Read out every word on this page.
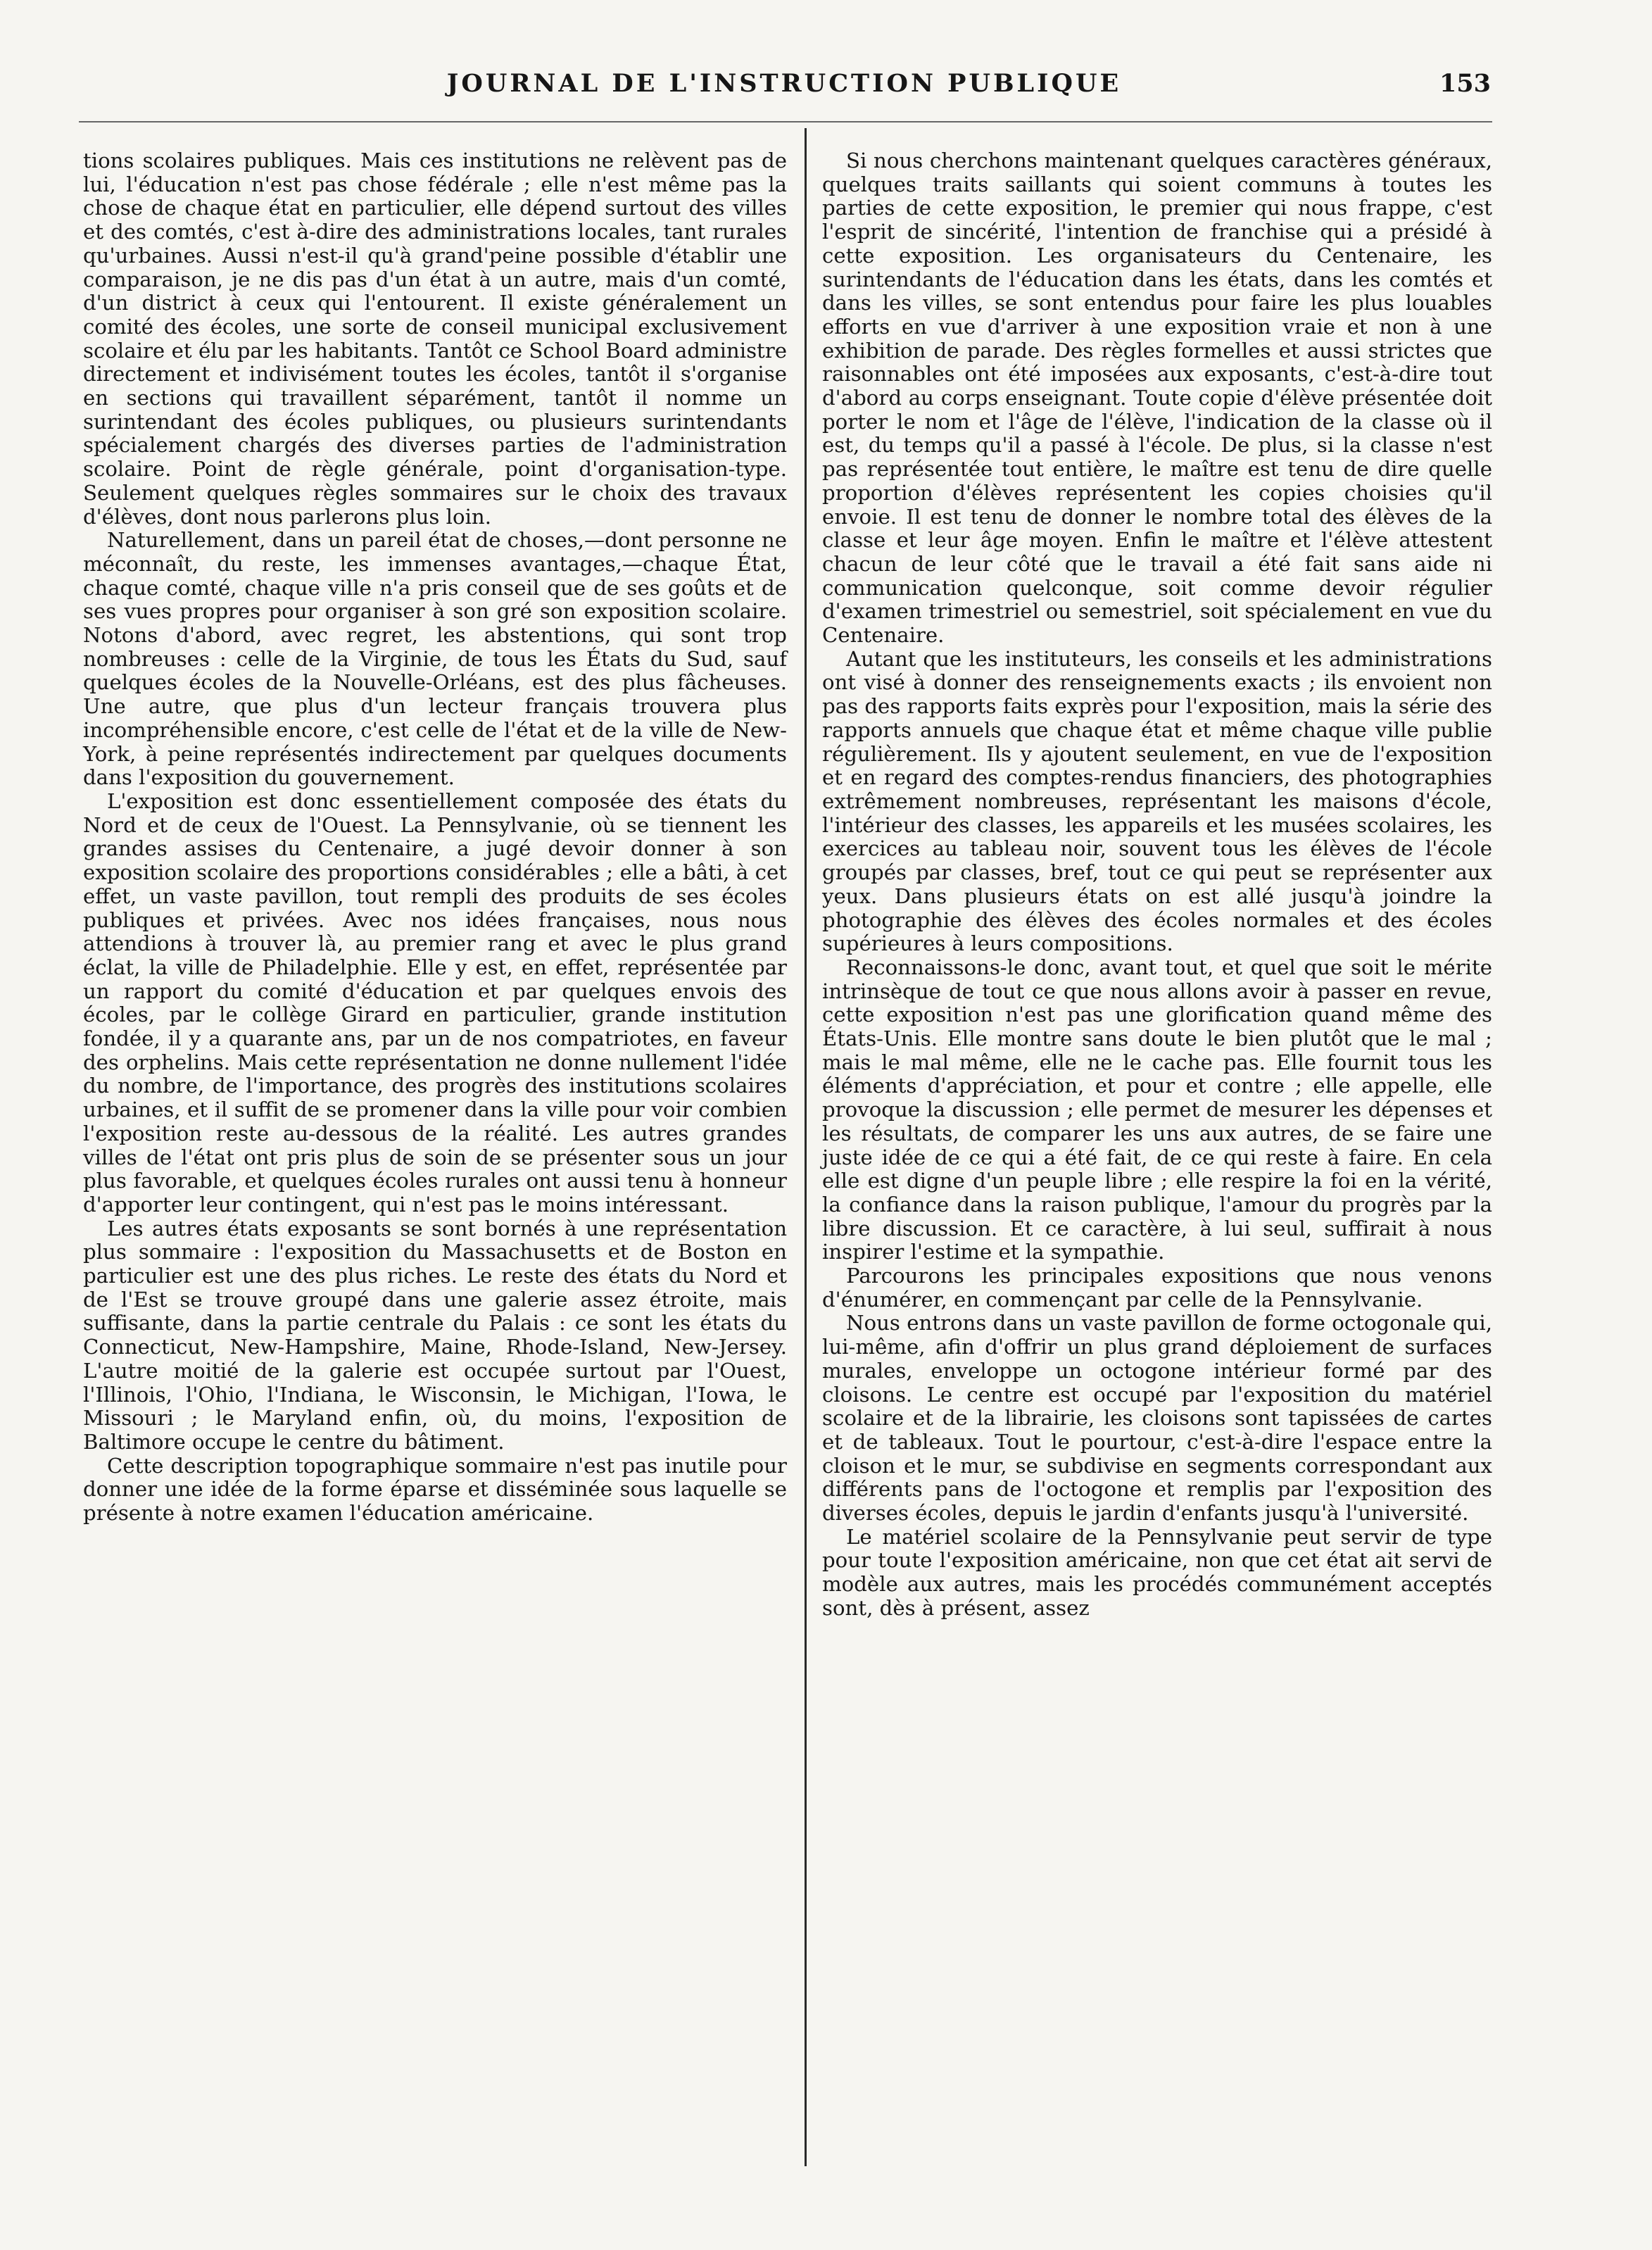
JOURNAL DE L'INSTRUCTION PUBLIQUE	153

tions scolaires publiques. Mais ces institutions ne relèvent pas de lui, l'éducation n'est pas chose fédérale ; elle n'est même pas la chose de chaque état en particulier, elle dépend surtout des villes et des comtés, c'est à-dire des administrations locales, tant rurales qu'urbaines. Aussi n'est-il qu'à grand'peine possible d'établir une comparaison, je ne dis pas d'un état à un autre, mais d'un comté, d'un district à ceux qui l'entourent. Il existe généralement un comité des écoles, une sorte de conseil municipal exclusivement scolaire et élu par les habitants. Tantôt ce School Board administre directement et indivisément toutes les écoles, tantôt il s'organise en sections qui travaillent séparément, tantôt il nomme un surintendant des écoles publiques, ou plusieurs surintendants spécialement chargés des diverses parties de l'administration scolaire. Point de règle générale, point d'organisation-type. Seulement quelques règles sommaires sur le choix des travaux d'élèves, dont nous parlerons plus loin.

Naturellement, dans un pareil état de choses,—dont personne ne méconnaît, du reste, les immenses avantages,—chaque État, chaque comté, chaque ville n'a pris conseil que de ses goûts et de ses vues propres pour organiser à son gré son exposition scolaire. Notons d'abord, avec regret, les abstentions, qui sont trop nombreuses : celle de la Virginie, de tous les États du Sud, sauf quelques écoles de la Nouvelle-Orléans, est des plus fâcheuses. Une autre, que plus d'un lecteur français trouvera plus incompréhensible encore, c'est celle de l'état et de la ville de New-York, à peine représentés indirectement par quelques documents dans l'exposition du gouvernement.

L'exposition est donc essentiellement composée des états du Nord et de ceux de l'Ouest. La Pennsylvanie, où se tiennent les grandes assises du Centenaire, a jugé devoir donner à son exposition scolaire des proportions considérables ; elle a bâti, à cet effet, un vaste pavillon, tout rempli des produits de ses écoles publiques et privées. Avec nos idées françaises, nous nous attendions à trouver là, au premier rang et avec le plus grand éclat, la ville de Philadelphie. Elle y est, en effet, représentée par un rapport du comité d'éducation et par quelques envois des écoles, par le collège Girard en particulier, grande institution fondée, il y a quarante ans, par un de nos compatriotes, en faveur des orphelins. Mais cette représentation ne donne nullement l'idée du nombre, de l'importance, des progrès des institutions scolaires urbaines, et il suffit de se promener dans la ville pour voir combien l'exposition reste au-dessous de la réalité. Les autres grandes villes de l'état ont pris plus de soin de se présenter sous un jour plus favorable, et quelques écoles rurales ont aussi tenu à honneur d'apporter leur contingent, qui n'est pas le moins intéressant.

Les autres états exposants se sont bornés à une représentation plus sommaire : l'exposition du Massachusetts et de Boston en particulier est une des plus riches. Le reste des états du Nord et de l'Est se trouve groupé dans une galerie assez étroite, mais suffisante, dans la partie centrale du Palais : ce sont les états du Connecticut, New-Hampshire, Maine, Rhode-Island, New-Jersey. L'autre moitié de la galerie est occupée surtout par l'Ouest, l'Illinois, l'Ohio, l'Indiana, le Wisconsin, le Michigan, l'Iowa, le Missouri ; le Maryland enfin, où, du moins, l'exposition de Baltimore occupe le centre du bâtiment.

Cette description topographique sommaire n'est pas inutile pour donner une idée de la forme éparse et disséminée sous laquelle se présente à notre examen l'éducation américaine.

Si nous cherchons maintenant quelques caractères généraux, quelques traits saillants qui soient communs à toutes les parties de cette exposition, le premier qui nous frappe, c'est l'esprit de sincérité, l'intention de franchise qui a présidé à cette exposition. Les organisateurs du Centenaire, les surintendants de l'éducation dans les états, dans les comtés et dans les villes, se sont entendus pour faire les plus louables efforts en vue d'arriver à une exposition vraie et non à une exhibition de parade. Des règles formelles et aussi strictes que raisonnables ont été imposées aux exposants, c'est-à-dire tout d'abord au corps enseignant. Toute copie d'élève présentée doit porter le nom et l'âge de l'élève, l'indication de la classe où il est, du temps qu'il a passé à l'école. De plus, si la classe n'est pas représentée tout entière, le maître est tenu de dire quelle proportion d'élèves représentent les copies choisies qu'il envoie. Il est tenu de donner le nombre total des élèves de la classe et leur âge moyen. Enfin le maître et l'élève attestent chacun de leur côté que le travail a été fait sans aide ni communication quelconque, soit comme devoir régulier d'examen trimestriel ou semestriel, soit spécialement en vue du Centenaire.

Autant que les instituteurs, les conseils et les administrations ont visé à donner des renseignements exacts ; ils envoient non pas des rapports faits exprès pour l'exposition, mais la série des rapports annuels que chaque état et même chaque ville publie régulièrement. Ils y ajoutent seulement, en vue de l'exposition et en regard des comptes-rendus financiers, des photographies extrêmement nombreuses, représentant les maisons d'école, l'intérieur des classes, les appareils et les musées scolaires, les exercices au tableau noir, souvent tous les élèves de l'école groupés par classes, bref, tout ce qui peut se représenter aux yeux. Dans plusieurs états on est allé jusqu'à joindre la photographie des élèves des écoles normales et des écoles supérieures à leurs compositions.

Reconnaissons-le donc, avant tout, et quel que soit le mérite intrinsèque de tout ce que nous allons avoir à passer en revue, cette exposition n'est pas une glorification quand même des États-Unis. Elle montre sans doute le bien plutôt que le mal ; mais le mal même, elle ne le cache pas. Elle fournit tous les éléments d'appréciation, et pour et contre ; elle appelle, elle provoque la discussion ; elle permet de mesurer les dépenses et les résultats, de comparer les uns aux autres, de se faire une juste idée de ce qui a été fait, de ce qui reste à faire. En cela elle est digne d'un peuple libre ; elle respire la foi en la vérité, la confiance dans la raison publique, l'amour du progrès par la libre discussion. Et ce caractère, à lui seul, suffirait à nous inspirer l'estime et la sympathie.

Parcourons les principales expositions que nous venons d'énumérer, en commençant par celle de la Pennsylvanie.

Nous entrons dans un vaste pavillon de forme octogonale qui, lui-même, afin d'offrir un plus grand déploiement de surfaces murales, enveloppe un octogone intérieur formé par des cloisons. Le centre est occupé par l'exposition du matériel scolaire et de la librairie, les cloisons sont tapissées de cartes et de tableaux. Tout le pourtour, c'est-à-dire l'espace entre la cloison et le mur, se subdivise en segments correspondant aux différents pans de l'octogone et remplis par l'exposition des diverses écoles, depuis le jardin d'enfants jusqu'à l'université.

Le matériel scolaire de la Pennsylvanie peut servir de type pour toute l'exposition américaine, non que cet état ait servi de modèle aux autres, mais les procédés communément acceptés sont, dès à présent, assez
